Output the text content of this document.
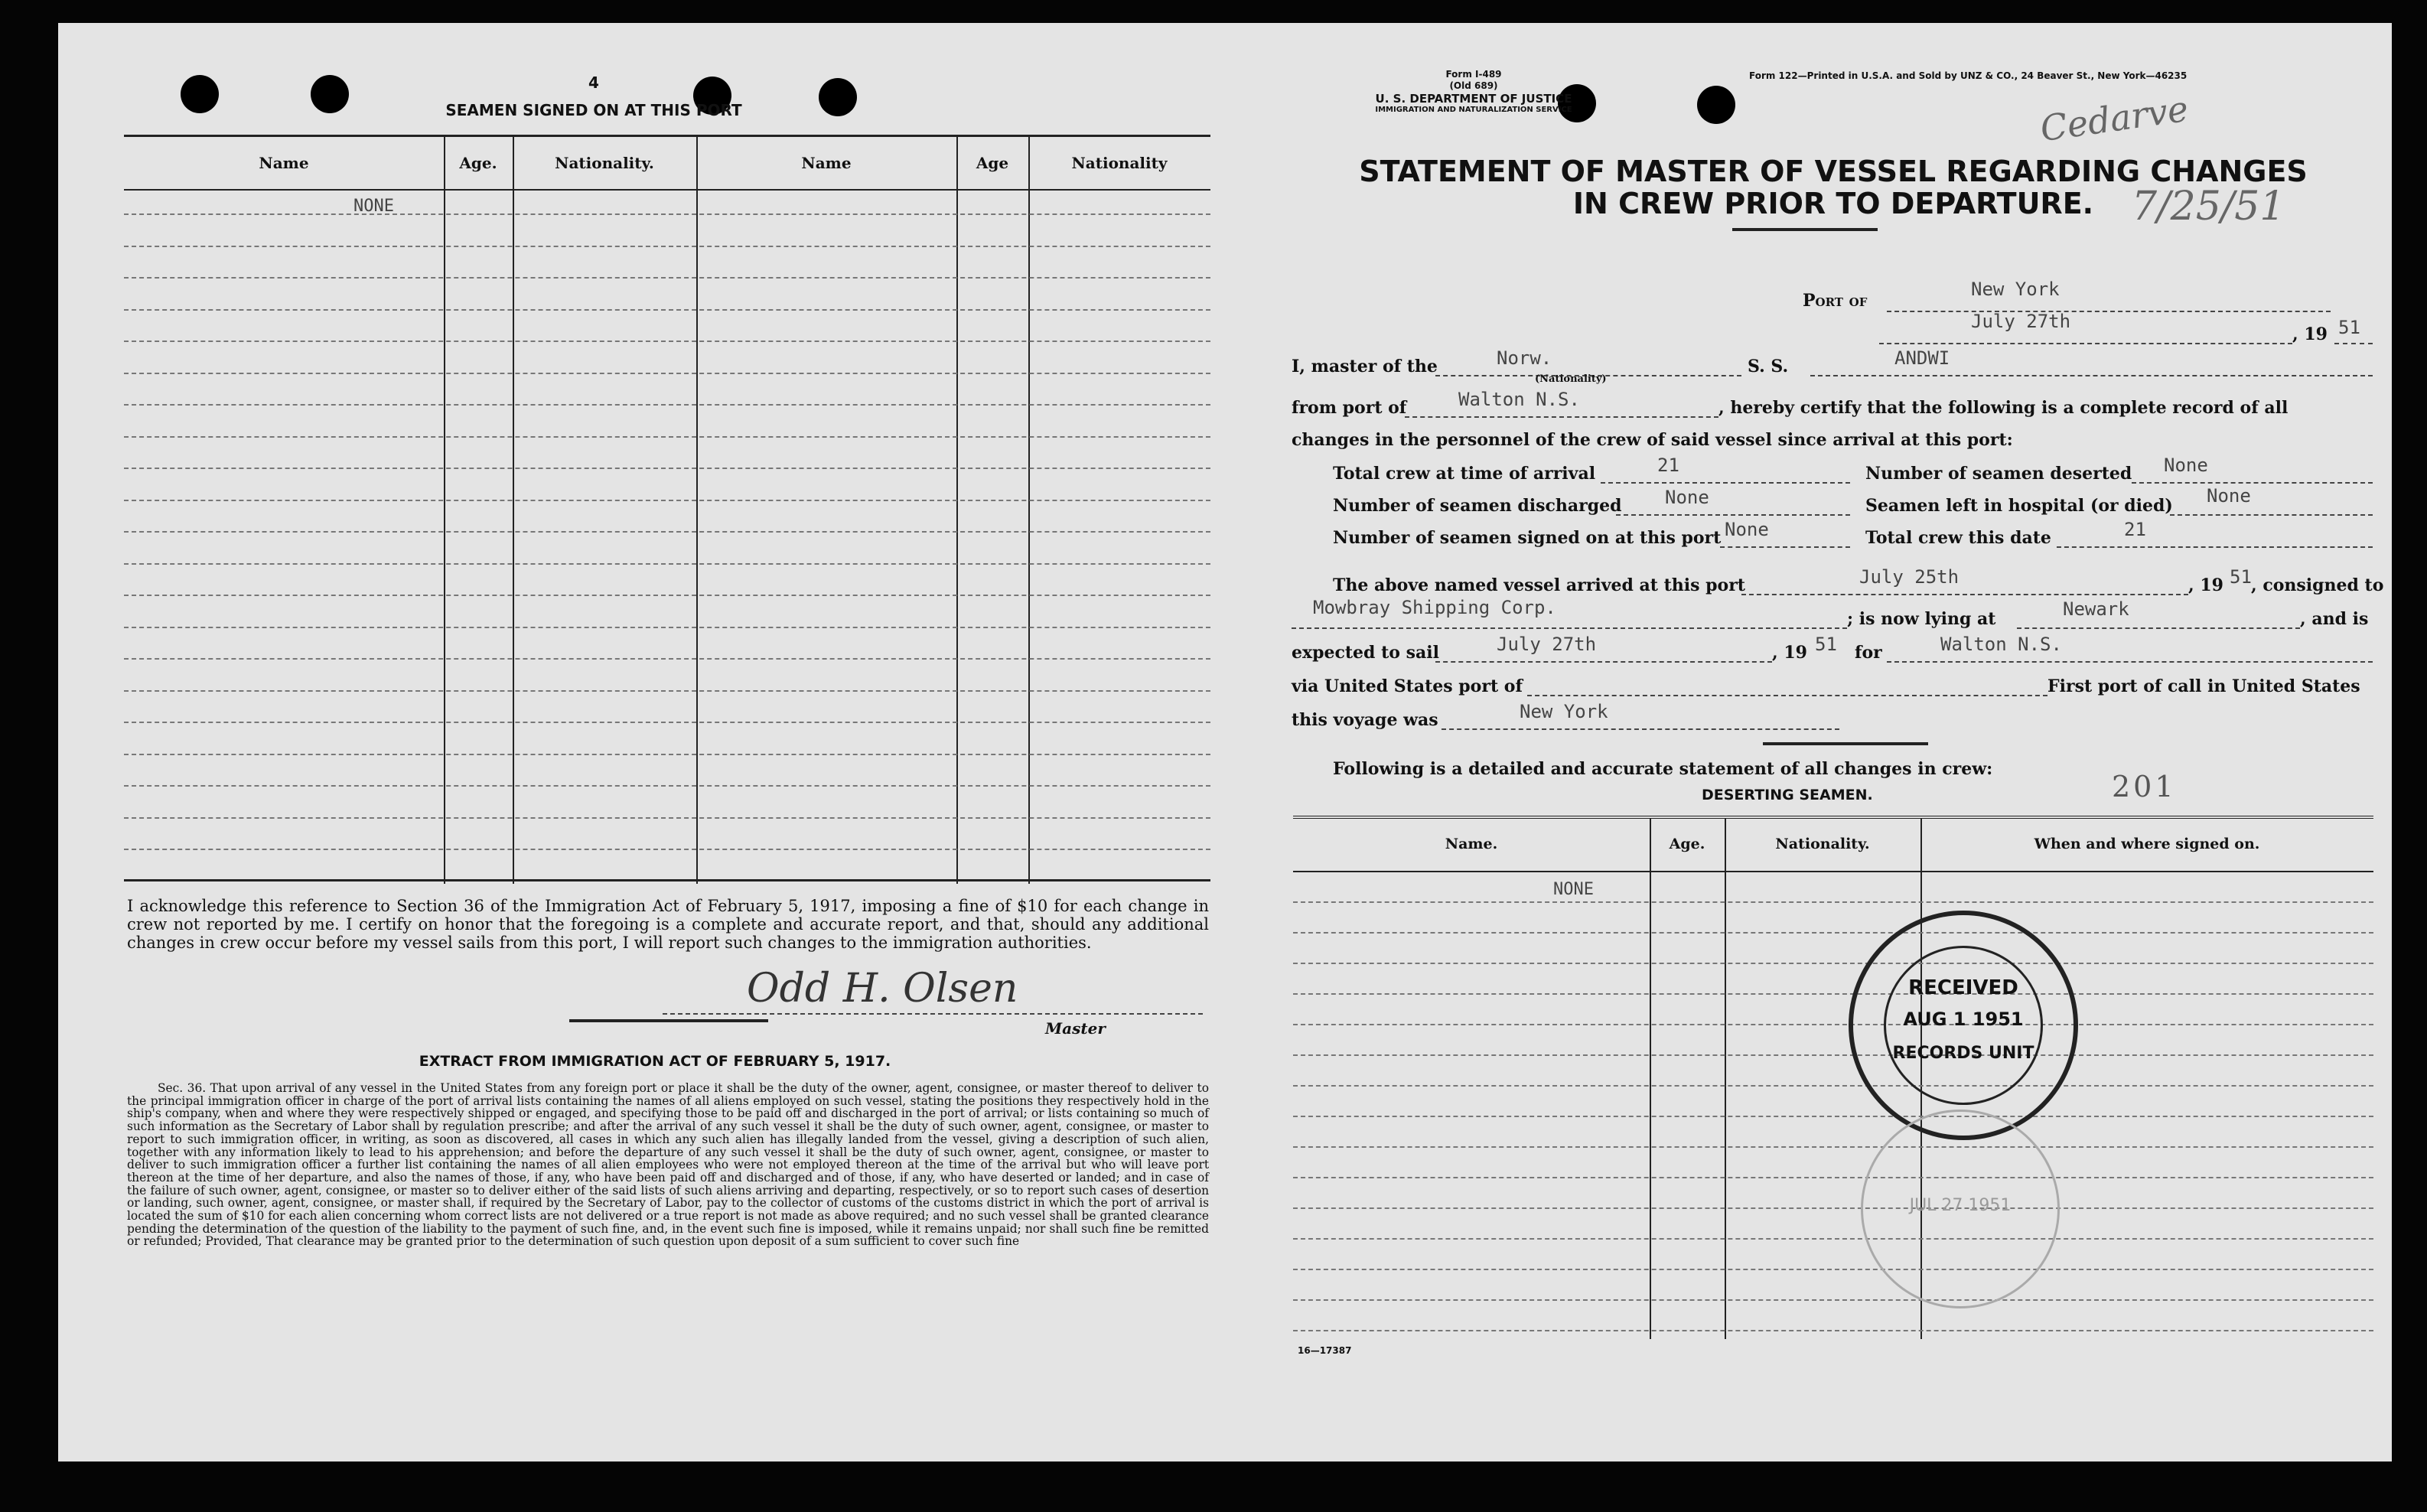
4
SEAMEN SIGNED ON AT THIS PORT
Name	Age.	Nationality.	Name	Age	Nationality
NONE
I acknowledge this reference to Section 36 of the Immigration Act of February 5, 1917, imposing a fine of $10 for each change in crew not reported by me. I certify on honor that the foregoing is a complete and accurate report, and that, should any additional changes in crew occur before my vessel sails from this port, I will report such changes to the immigration authorities.
Odd H. Olsen
Master
EXTRACT FROM IMMIGRATION ACT OF FEBRUARY 5, 1917.
Sec. 36. That upon arrival of any vessel in the United States from any foreign port or place it shall be the duty of the owner, agent, consignee, or master thereof to deliver to the principal immigration officer in charge of the port of arrival lists containing the names of all aliens employed on such vessel, stating the positions they respectively hold in the ship's company, when and where they were respectively shipped or engaged, and specifying those to be paid off and discharged in the port of arrival; or lists containing so much of such information as the Secretary of Labor shall by regulation prescribe; and after the arrival of any such vessel it shall be the duty of such owner, agent, consignee, or master to report to such immigration officer, in writing, as soon as discovered, all cases in which any such alien has illegally landed from the vessel, giving a description of such alien, together with any information likely to lead to his apprehension; and before the departure of any such vessel it shall be the duty of such owner, agent, consignee, or master to deliver to such immigration officer a further list containing the names of all alien employees who were not employed thereon at the time of the arrival but who will leave port thereon at the time of her departure, and also the names of those, if any, who have been paid off and discharged and of those, if any, who have deserted or landed; and in case of the failure of such owner, agent, consignee, or master so to deliver either of the said lists of such aliens arriving and departing, respectively, or so to report such cases of desertion or landing, such owner, agent, consignee, or master shall, if required by the Secretary of Labor, pay to the collector of customs of the customs district in which the port of arrival is located the sum of $10 for each alien concerning whom correct lists are not delivered or a true report is not made as above required; and no such vessel shall be granted clearance pending the determination of the question of the liability to the payment of such fine, and, in the event such fine is imposed, while it remains unpaid; nor shall such fine be remitted or refunded; Provided, That clearance may be granted prior to the determination of such question upon deposit of a sum sufficient to cover such fine
Form I-489
(Old 689)
U. S. DEPARTMENT OF JUSTICE
IMMIGRATION AND NATURALIZATION SERVICE
Form 122—Printed in U.S.A. and Sold by UNZ & CO., 24 Beaver St., New York—46235
Cedarve
7/25/51
STATEMENT OF MASTER OF VESSEL REGARDING CHANGES
IN CREW PRIOR TO DEPARTURE.
Port of
New York
July 27th
, 19 51
I, master of the	Norw.
(Nationality)
S. S.	ANDWI
from port of	Walton N.S.	, hereby certify that the following is a complete record of all
changes in the personnel of the crew of said vessel since arrival at this port:
Total crew at time of arrival	21	Number of seamen deserted None
Number of seamen discharged None	Seamen left in hospital (or died) None
Number of seamen signed on at this port None	Total crew this date	21
The above named vessel arrived at this port	July 25th	, 19 51 , consigned to
Mowbray Shipping Corp.
; is now lying at	Newark	, and is
expected to sail	July 27th	, 19 51 for	Walton N.S.
via United States port of	First port of call in United States
this voyage was	New York
Following is a detailed and accurate statement of all changes in crew:
DESERTING SEAMEN.	201
Name.	Age.	Nationality.	When and where signed on.
NONE
RECEIVED
AUG 1 1951
RECORDS UNIT
JUL 27 1951
16—17387
